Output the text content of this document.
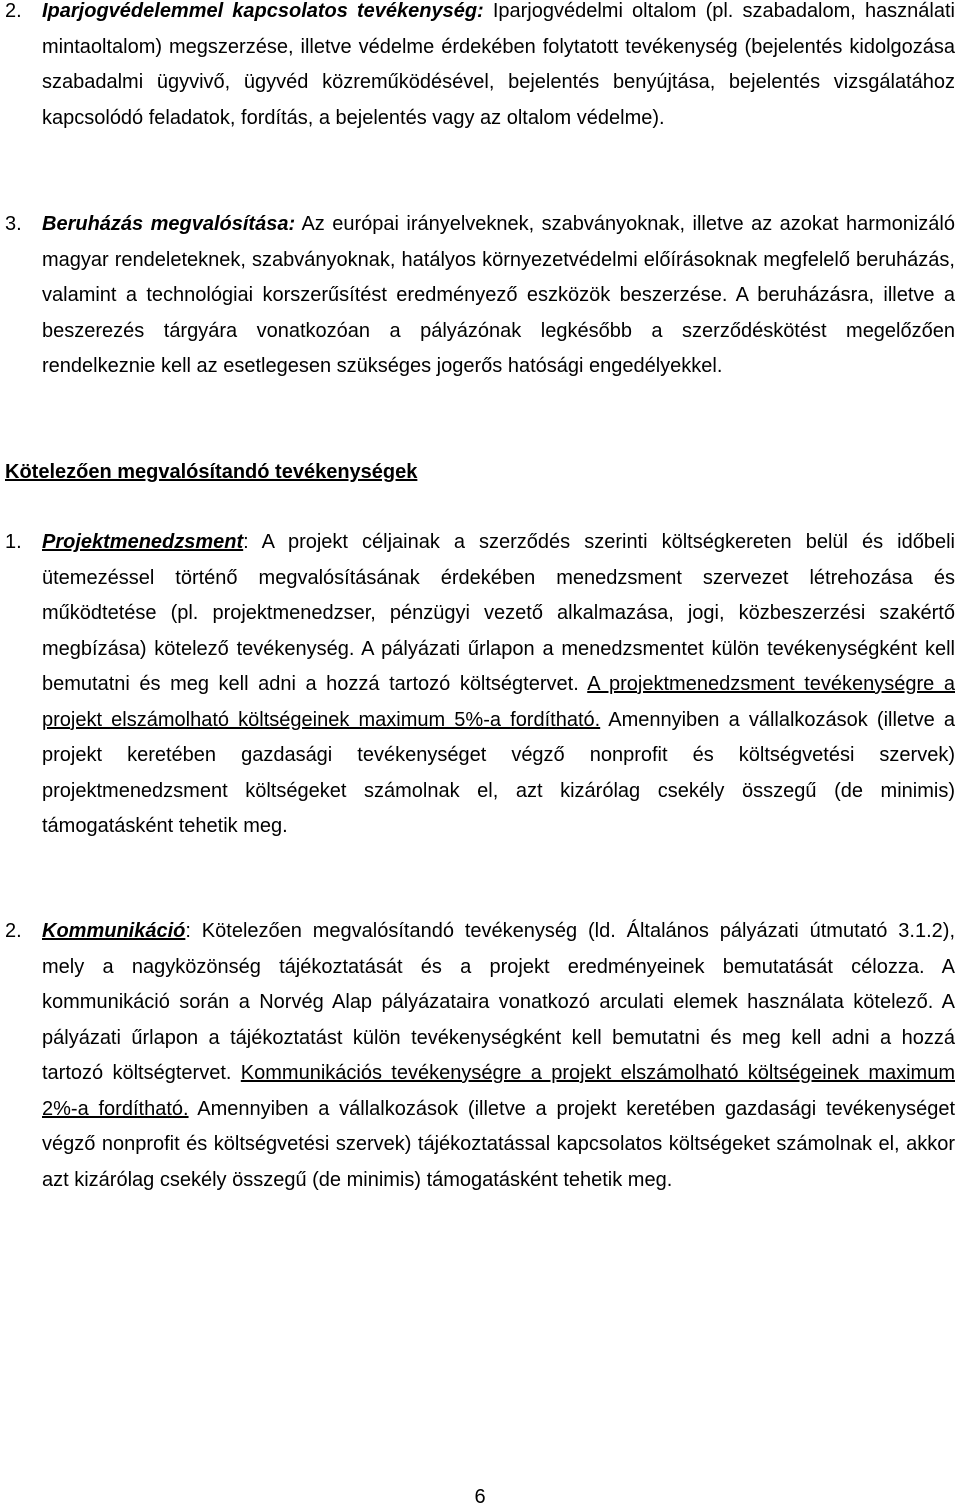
2. Iparjogvédelemmel kapcsolatos tevékenység: Iparjogvédelmi oltalom (pl. szabadalom, használati mintaoltalom) megszerzése, illetve védelme érdekében folytatott tevékenység (bejelentés kidolgozása szabadalmi ügyvivő, ügyvéd közreműködésével, bejelentés benyújtása, bejelentés vizsgálatához kapcsolódó feladatok, fordítás, a bejelentés vagy az oltalom védelme).
3. Beruházás megvalósítása: Az európai irányelveknek, szabványoknak, illetve az azokat harmonizáló magyar rendeleteknek, szabványoknak, hatályos környezetvédelmi előírásoknak megfelelő beruházás, valamint a technológiai korszerűsítést eredményező eszközök beszerzése. A beruházásra, illetve a beszerezés tárgyára vonatkozóan a pályázónak legkésőbb a szerződéskötést megelőzően rendelkeznie kell az esetlegesen szükséges jogerős hatósági engedélyekkel.
Kötelezően megvalósítandó tevékenységek
1. Projektmenedzsment: A projekt céljainak a szerződés szerinti költségkereten belül és időbeli ütemezéssel történő megvalósításának érdekében menedzsment szervezet létrehozása és működtetése (pl. projektmenedzser, pénzügyi vezető alkalmazása, jogi, közbeszerzési szakértő megbízása) kötelező tevékenység. A pályázati űrlapon a menedzsmentet külön tevékenységként kell bemutatni és meg kell adni a hozzá tartozó költségtervet. A projektmenedzsment tevékenységre a projekt elszámolható költségeinek maximum 5%-a fordítható. Amennyiben a vállalkozások (illetve a projekt keretében gazdasági tevékenységet végző nonprofit és költségvetési szervek) projektmenedzsment költségeket számolnak el, azt kizárólag csekély összegű (de minimis) támogatásként tehetik meg.
2. Kommunikáció: Kötelezően megvalósítandó tevékenység (ld. Általános pályázati útmutató 3.1.2), mely a nagyközönség tájékoztatását és a projekt eredményeinek bemutatását célozza. A kommunikáció során a Norvég Alap pályázataira vonatkozó arculati elemek használata kötelező. A pályázati űrlapon a tájékoztatást külön tevékenységként kell bemutatni és meg kell adni a hozzá tartozó költségtervet. Kommunikációs tevékenységre a projekt elszámolható költségeinek maximum 2%-a fordítható. Amennyiben a vállalkozások (illetve a projekt keretében gazdasági tevékenységet végző nonprofit és költségvetési szervek) tájékoztatással kapcsolatos költségeket számolnak el, akkor azt kizárólag csekély összegű (de minimis) támogatásként tehetik meg.
6
